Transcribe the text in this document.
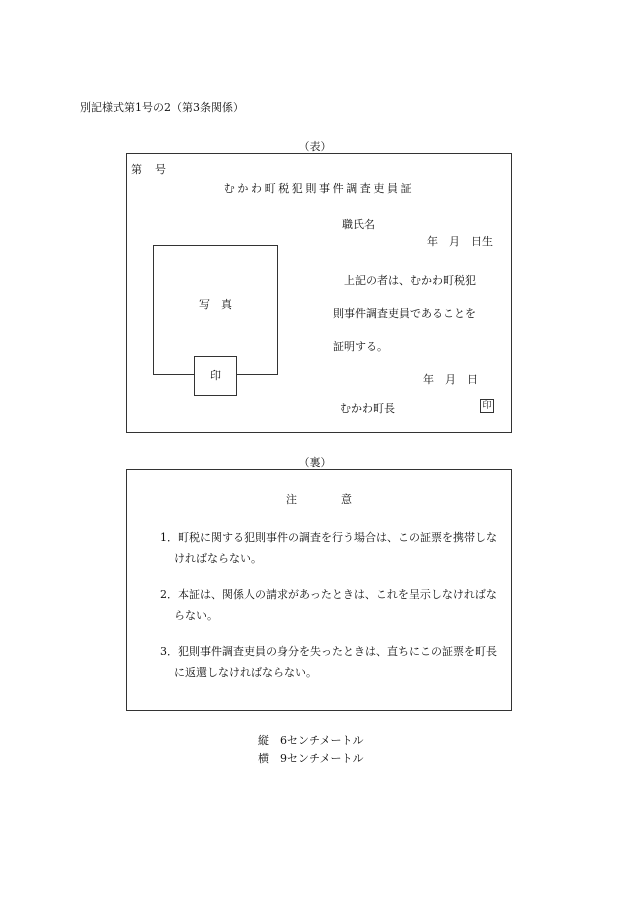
別記様式第1号の2（第3条関係）
（表）
第　号
むかわ町税犯則事件調査吏員証
職氏名
年　月　日生
写　真
印
上記の者は、むかわ町税犯
則事件調査吏員であることを
証明する。
年　月　日
むかわ町長	印
（裏）
注　　　　意
1．町税に関する犯則事件の調査を行う場合は、この証票を携帯しなければならない。
2．本証は、関係人の請求があったときは、これを呈示しなければならない。
3．犯則事件調査吏員の身分を失ったときは、直ちにこの証票を町長に返還しなければならない。
縦　6センチメートル
横　9センチメートル
